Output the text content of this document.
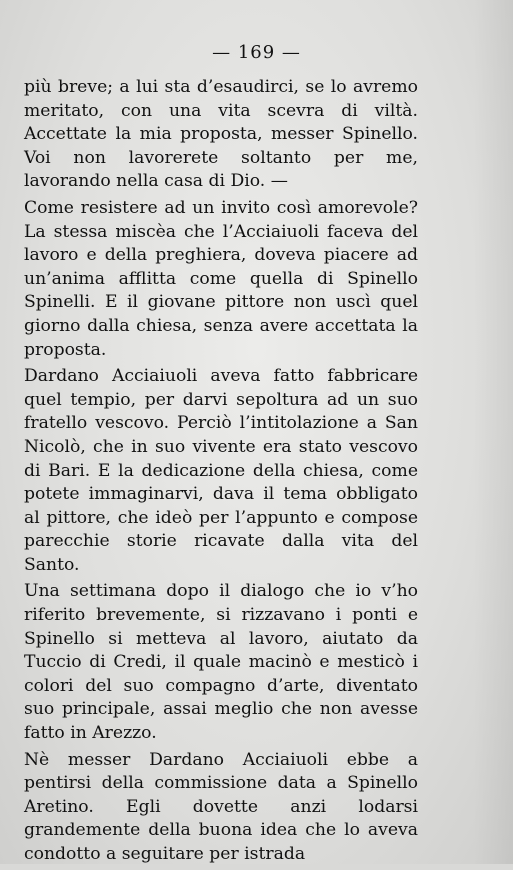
— 169 —

più breve; a lui sta d’esaudirci, se lo avremo meritato, con una vita scevra di viltà. Accettate la mia proposta, messer Spinello. Voi non lavorerete soltanto per me, lavorando nella casa di Dio. —

Come resistere ad un invito così amorevole? La stessa miscèa che l’Acciaiuoli faceva del lavoro e della preghiera, doveva piacere ad un’anima afflitta come quella di Spinello Spinelli. E il giovane pittore non uscì quel giorno dalla chiesa, senza avere accettata la proposta.

Dardano Acciaiuoli aveva fatto fabbricare quel tempio, per darvi sepoltura ad un suo fratello vescovo. Perciò l’intitolazione a San Nicolò, che in suo vivente era stato vescovo di Bari. E la dedicazione della chiesa, come potete immaginarvi, dava il tema obbligato al pittore, che ideò per l’appunto e compose parecchie storie ricavate dalla vita del Santo.

Una settimana dopo il dialogo che io v’ho riferito brevemente, si rizzavano i ponti e Spinello si metteva al lavoro, aiutato da Tuccio di Credi, il quale macinò e mesticò i colori del suo compagno d’arte, diventato suo principale, assai meglio che non avesse fatto in Arezzo.

Nè messer Dardano Acciaiuoli ebbe a pentirsi della commissione data a Spinello Aretino. Egli dovette anzi lodarsi grandemente della buona idea che lo aveva condotto a seguitare per istrada
